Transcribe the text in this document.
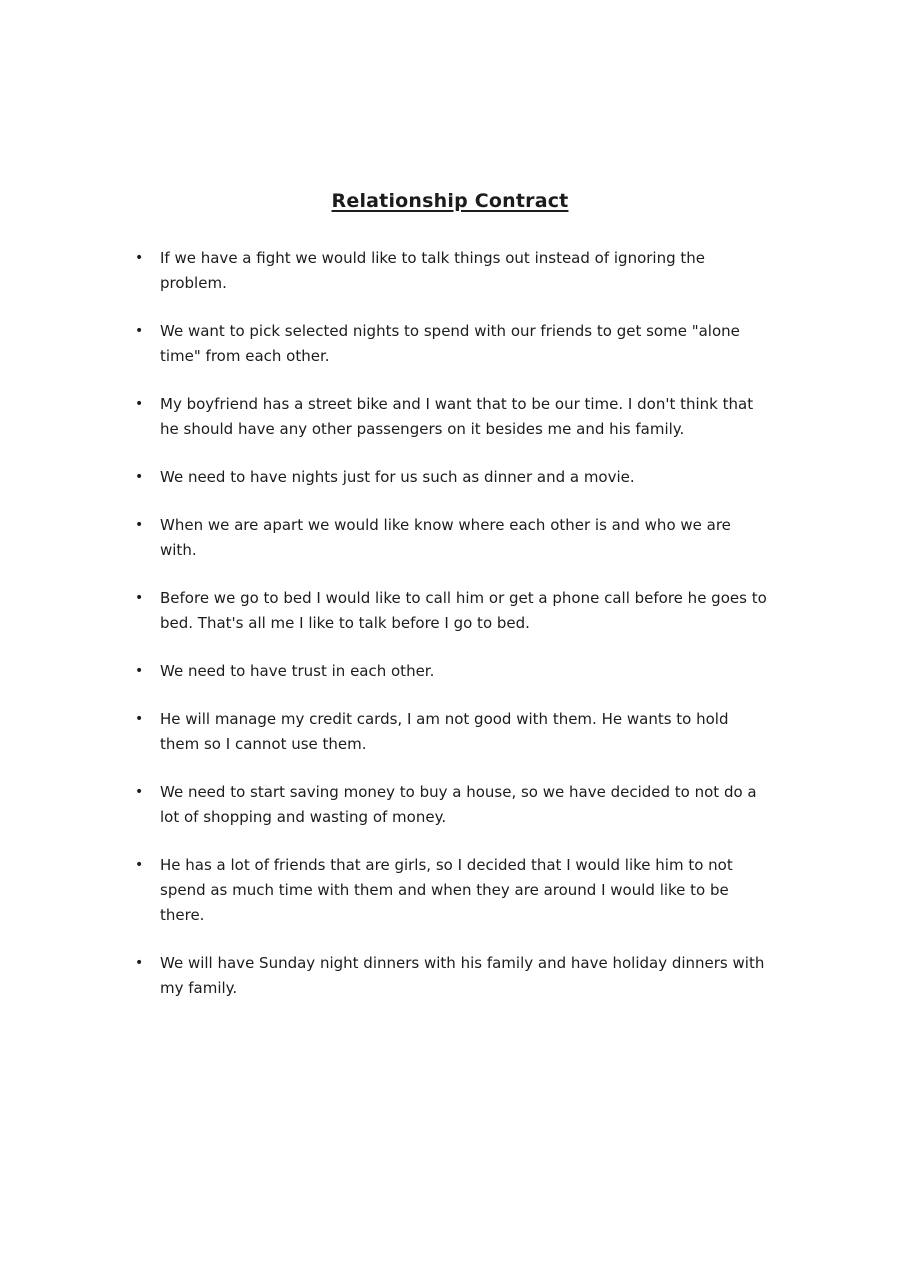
Relationship Contract
•	If we have a fight we would like to talk things out instead of ignoring the problem.
•	We want to pick selected nights to spend with our friends to get some "alone time" from each other.
•	My boyfriend has a street bike and I want that to be our time. I don't think that he should have any other passengers on it besides me and his family.
•	We need to have nights just for us such as dinner and a movie.
•	When we are apart we would like know where each other is and who we are with.
•	Before we go to bed I would like to call him or get a phone call before he goes to bed. That's all me I like to talk before I go to bed.
•	We need to have trust in each other.
•	He will manage my credit cards, I am not good with them. He wants to hold them so I cannot use them.
•	We need to start saving money to buy a house, so we have decided to not do a lot of shopping and wasting of money.
•	He has a lot of friends that are girls, so I decided that I would like him to not spend as much time with them and when they are around I would like to be there.
•	We will have Sunday night dinners with his family and have holiday dinners with my family.
